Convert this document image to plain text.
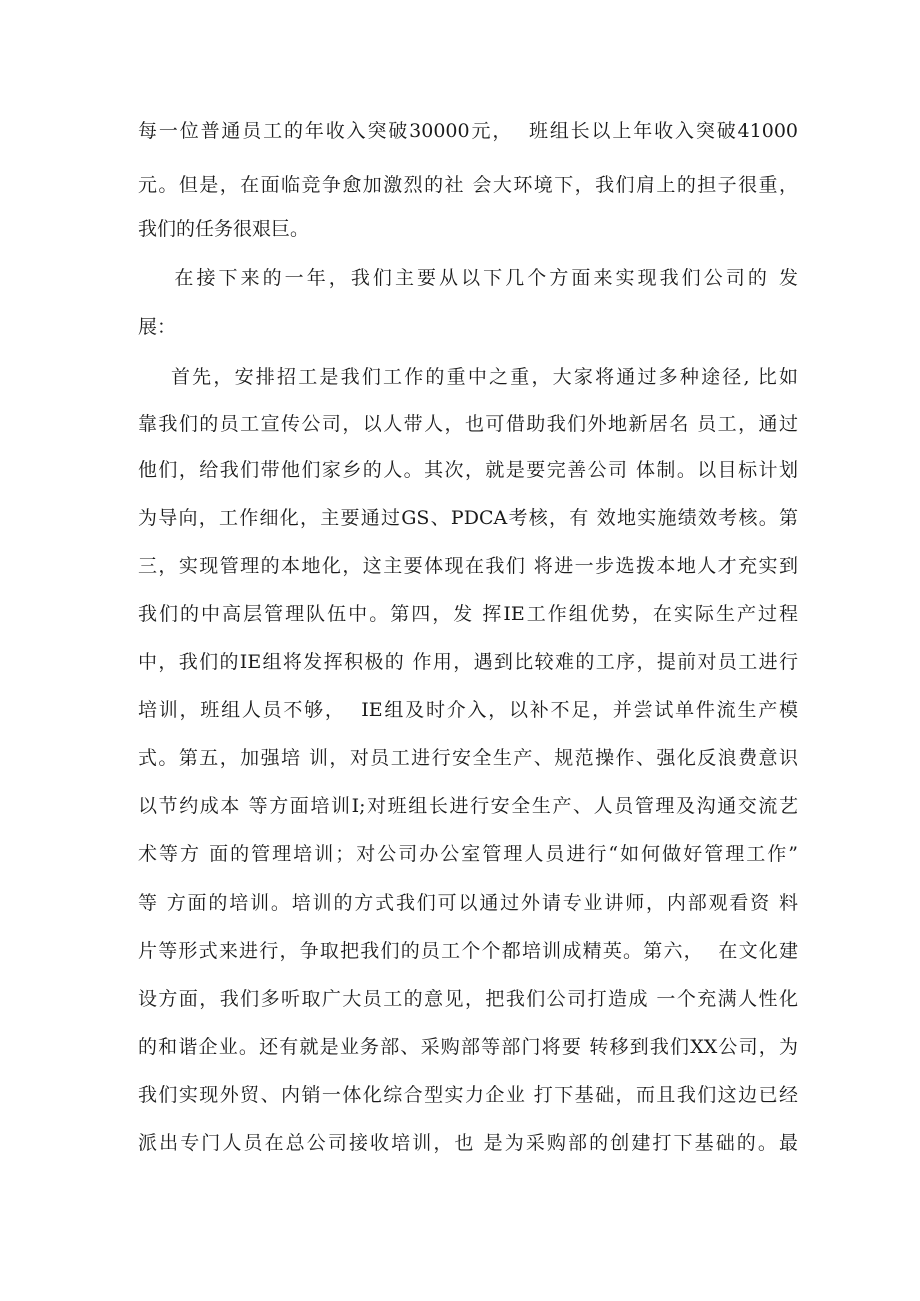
每一位普通员工的年收入突破30000元，  班组长以上年收入突破41000
元。但是，在面临竞争愈加激烈的社 会大环境下，我们肩上的担子很重，
我们的任务很艰巨。
在接下来的一年，我们主要从以下几个方面来实现我们公司的 发
展：
首先，安排招工是我们工作的重中之重，大家将通过多种途径, 比如
靠我们的员工宣传公司，以人带人，也可借助我们外地新居名 员工，通过
他们，给我们带他们家乡的人。其次，就是要完善公司 体制。以目标计划
为导向，工作细化，主要通过GS、PDCA考核，有 效地实施绩效考核。第
三，实现管理的本地化，这主要体现在我们 将进一步选拨本地人才充实到
我们的中高层管理队伍中。第四，发 挥IE工作组优势，在实际生产过程
中，我们的IE组将发挥积极的 作用，遇到比较难的工序，提前对员工进行
培训，班组人员不够，  IE组及时介入，以补不足，并尝试单件流生产模
式。第五，加强培 训，对员工进行安全生产、规范操作、强化反浪费意识
以节约成本 等方面培训I;对班组长进行安全生产、人员管理及沟通交流艺
术等方 面的管理培训；对公司办公室管理人员进行“如何做好管理工作”
等 方面的培训。培训的方式我们可以通过外请专业讲师，内部观看资 料
片等形式来进行，争取把我们的员工个个都培训成精英。第六，  在文化建
设方面，我们多听取广大员工的意见，把我们公司打造成 一个充满人性化
的和谐企业。还有就是业务部、采购部等部门将要 转移到我们XX公司，为
我们实现外贸、内销一体化综合型实力企业 打下基础，而且我们这边已经
派出专门人员在总公司接收培训，也 是为采购部的创建打下基础的。最
